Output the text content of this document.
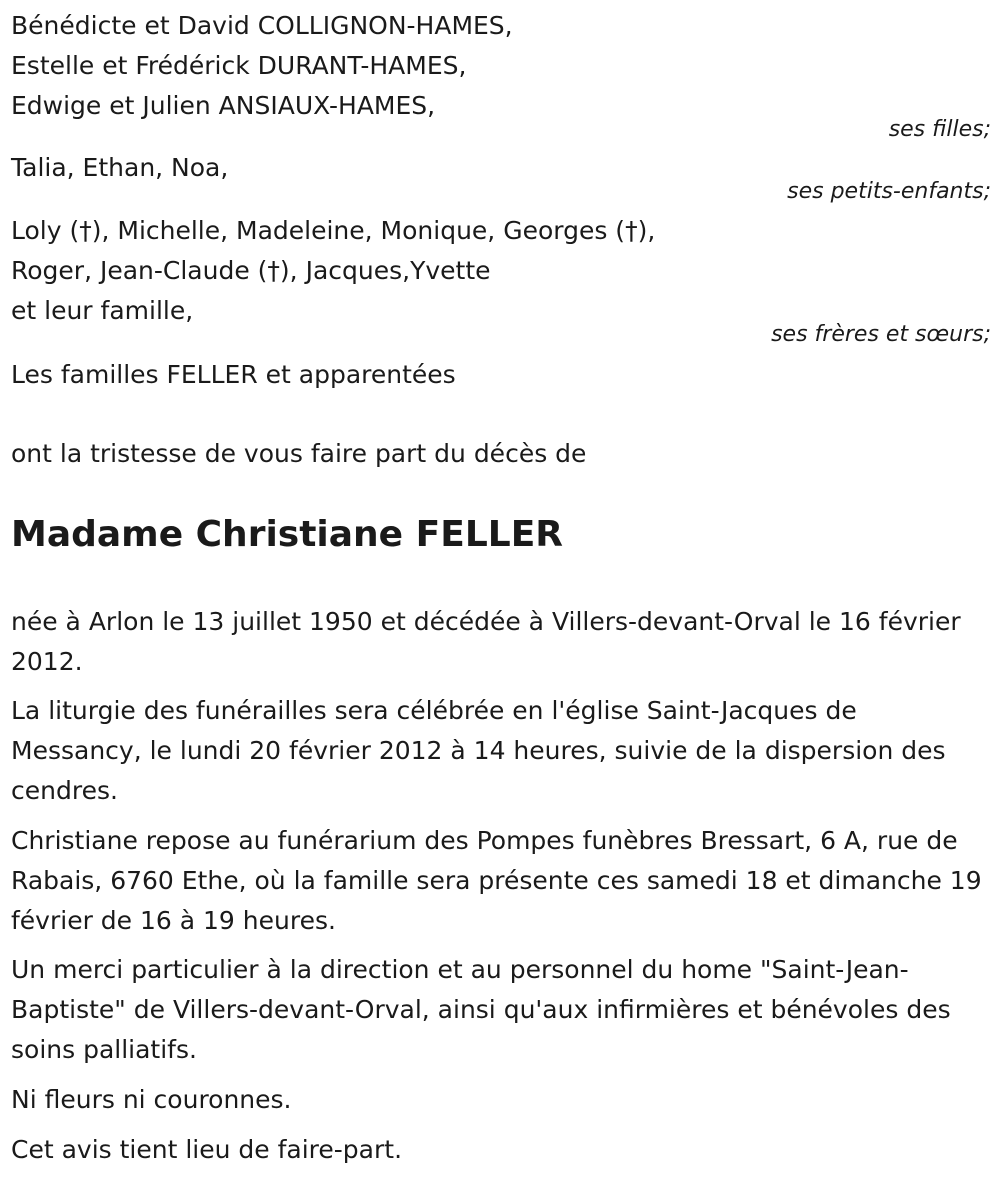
Bénédicte et David COLLIGNON-HAMES,
Estelle et Frédérick DURANT-HAMES,
Edwige et Julien ANSIAUX-HAMES,
ses filles;
Talia, Ethan, Noa,
ses petits-enfants;
Loly (†), Michelle, Madeleine, Monique, Georges (†),
Roger, Jean-Claude (†), Jacques,Yvette
et leur famille,
ses frères et sœurs;
Les familles FELLER et apparentées
ont la tristesse de vous faire part du décès de
Madame Christiane FELLER

née à Arlon le 13 juillet 1950 et décédée à Villers-devant-Orval le 16 février 2012.

La liturgie des funérailles sera célébrée en l'église Saint-Jacques de Messancy, le lundi 20 février 2012 à 14 heures, suivie de la dispersion des cendres.

Christiane repose au funérarium des Pompes funèbres Bressart, 6 A, rue de Rabais, 6760 Ethe, où la famille sera présente ces samedi 18 et dimanche 19 février de 16 à 19 heures.

Un merci particulier à la direction et au personnel du home "Saint-Jean-Baptiste" de Villers-devant-Orval, ainsi qu'aux infirmières et bénévoles des soins palliatifs.

Ni fleurs ni couronnes.

Cet avis tient lieu de faire-part.
